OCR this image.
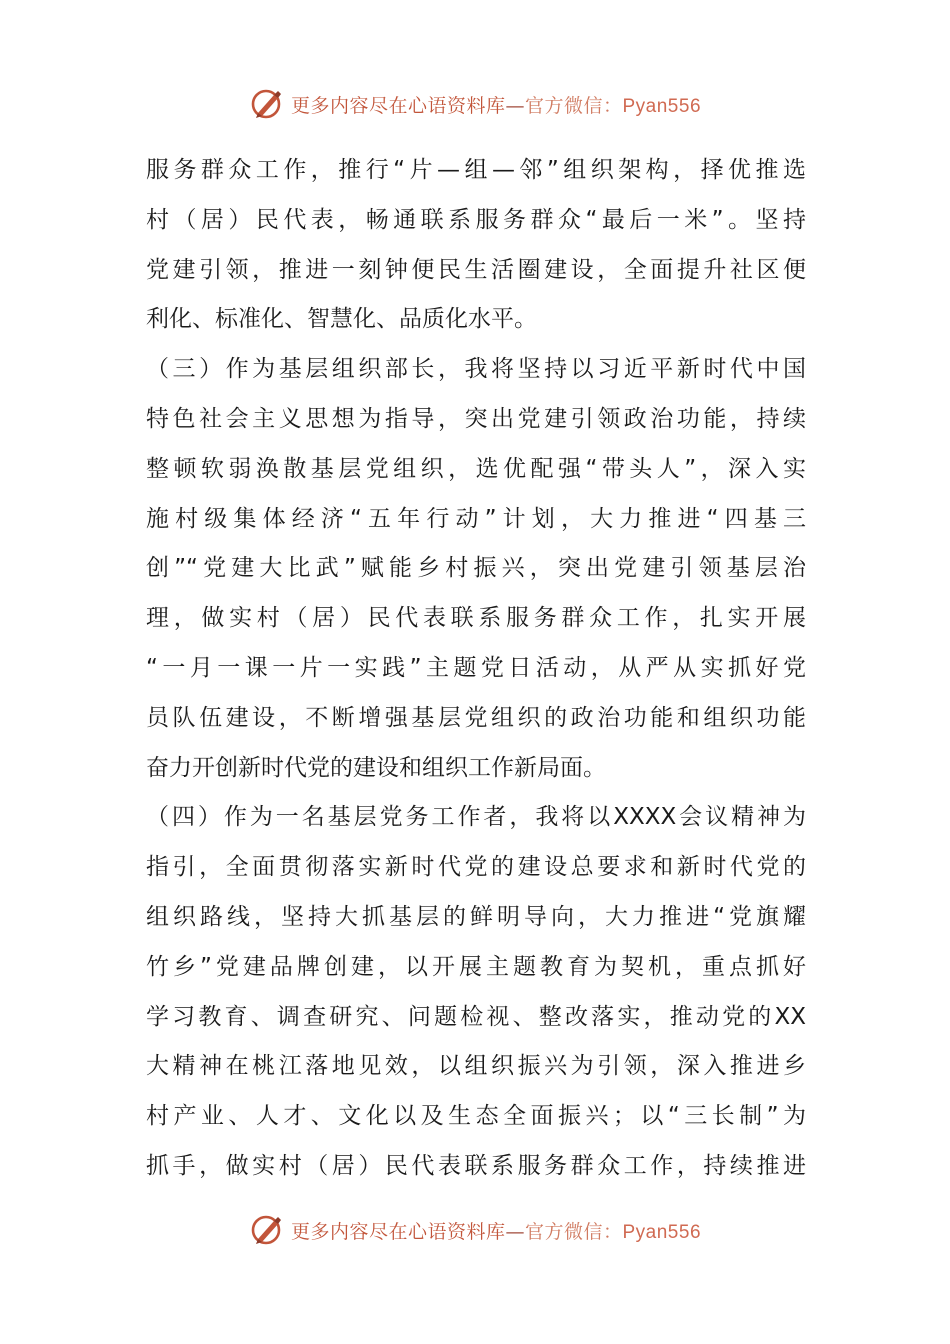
更多内容尽在心语资料库—官方微信：Pyan556
服务群众工作，推行“片—组—邻”组织架构，择优推选
村（居）民代表，畅通联系服务群众“最后一米”。坚持
党建引领，推进一刻钟便民生活圈建设，全面提升社区便
利化、标准化、智慧化、品质化水平。
（三）作为基层组织部长，我将坚持以习近平新时代中国
特色社会主义思想为指导，突出党建引领政治功能，持续
整顿软弱涣散基层党组织，选优配强“带头人”，深入实
施村级集体经济“五年行动”计划，大力推进“四基三
创”“党建大比武”赋能乡村振兴，突出党建引领基层治
理，做实村（居）民代表联系服务群众工作，扎实开展
“一月一课一片一实践”主题党日活动，从严从实抓好党
员队伍建设，不断增强基层党组织的政治功能和组织功能
奋力开创新时代党的建设和组织工作新局面。
（四）作为一名基层党务工作者，我将以XXXX会议精神为
指引，全面贯彻落实新时代党的建设总要求和新时代党的
组织路线，坚持大抓基层的鲜明导向，大力推进“党旗耀
竹乡”党建品牌创建，以开展主题教育为契机，重点抓好
学习教育、调查研究、问题检视、整改落实，推动党的XX
大精神在桃江落地见效，以组织振兴为引领，深入推进乡
村产业、人才、文化以及生态全面振兴；以“三长制”为
抓手，做实村（居）民代表联系服务群众工作，持续推进
更多内容尽在心语资料库—官方微信：Pyan556
